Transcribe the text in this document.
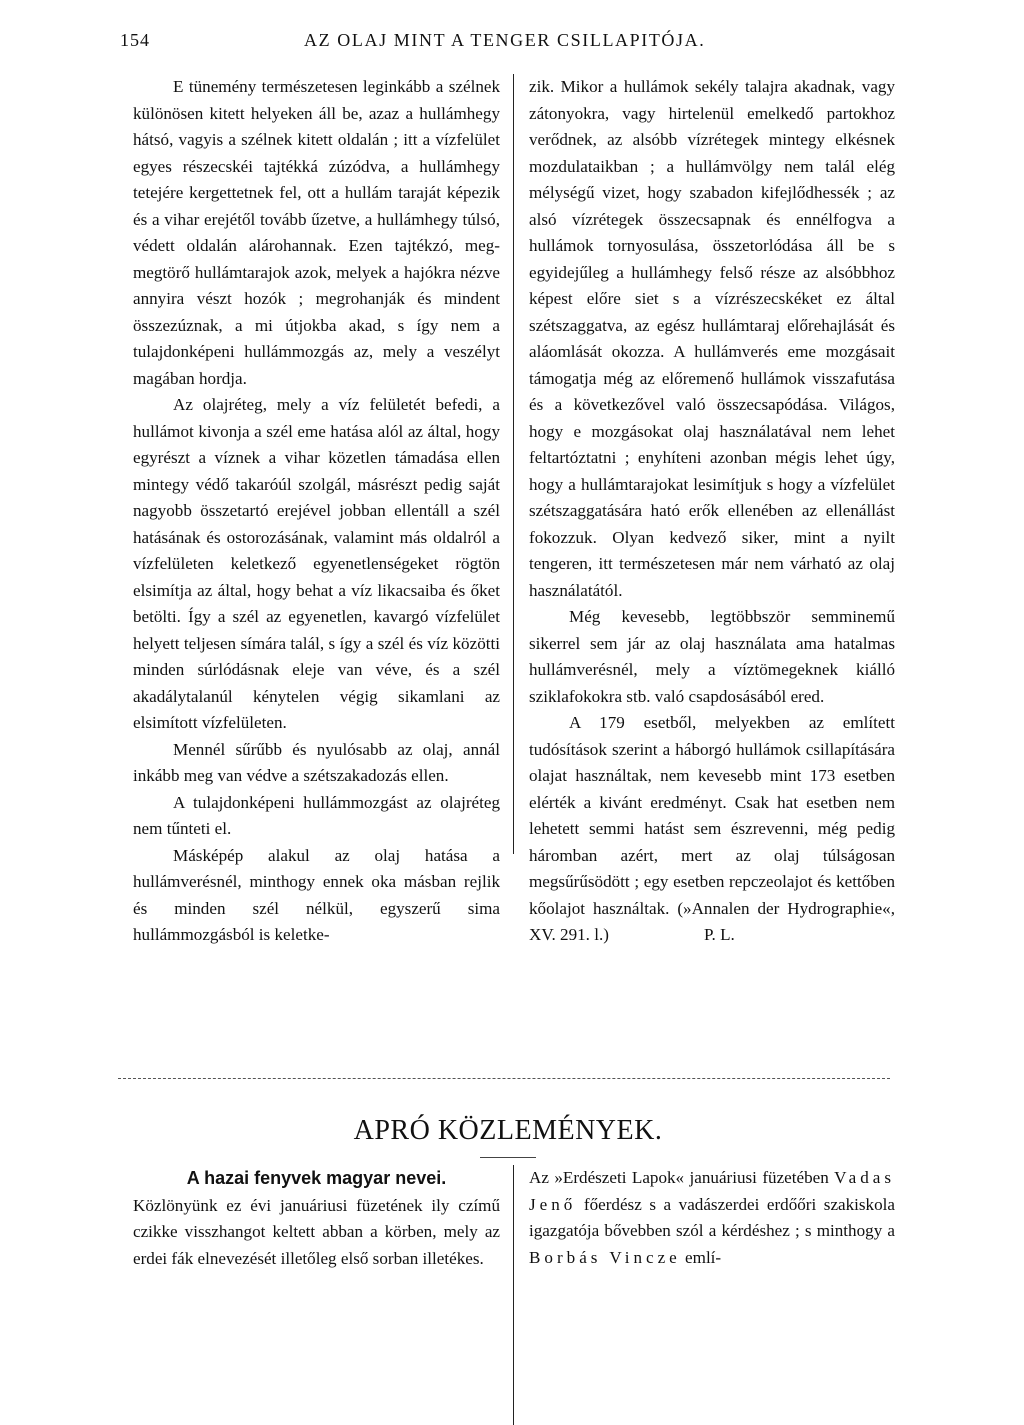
154	AZ OLAJ MINT A TENGER CSILLAPITÓJA.

E tünemény természetesen leginkább a szélnek különösen kitett helyeken áll be, azaz a hullámhegy hátsó, vagyis a szélnek kitett oldalán ; itt a vízfelület egyes részecskéi tajtékká zúzódva, a hullámhegy tetejére kergettetnek fel, ott a hullám taraját képezik és a vihar erejétől tovább űzetve, a hullámhegy túlsó, védett oldalán alárohannak. Ezen tajtékzó, meg-megtörő hullámtarajok azok, melyek a hajókra nézve annyira vészt hozók ; megrohanják és mindent összezúznak, a mi útjokba akad, s így nem a tulajdonképeni hullámmozgás az, mely a veszélyt magában hordja.

Az olajréteg, mely a víz felületét befedi, a hullámot kivonja a szél eme hatása alól az által, hogy egyrészt a víznek a vihar közetlen támadása ellen mintegy védő takaróúl szolgál, másrészt pedig saját nagyobb összetartó erejével jobban ellentáll a szél hatásának és ostorozásának, valamint más oldalról a vízfelületen keletkező egyenetlenségeket rögtön elsimítja az által, hogy behat a víz likacsaiba és őket betölti. Így a szél az egyenetlen, kavargó vízfelület helyett teljesen símára talál, s így a szél és víz közötti minden súrlódásnak eleje van véve, és a szél akadálytalanúl kénytelen végig sikamlani az elsimított vízfelületen.

Mennél sűrűbb és nyulósabb az olaj, annál inkább meg van védve a szétszakadozás ellen.

A tulajdonképeni hullámmozgást az olajréteg nem tűnteti el.

Másképép alakul az olaj hatása a hullámverésnél, minthogy ennek oka másban rejlik és minden szél nélkül, egyszerű sima hullámmozgásból is keletke-

zik. Mikor a hullámok sekély talajra akadnak, vagy zátonyokra, vagy hirtelenül emelkedő partokhoz verődnek, az alsóbb vízrétegek mintegy elkésnek mozdulataikban ; a hullámvölgy nem talál elég mélységű vizet, hogy szabadon kifejlődhessék ; az alsó vízrétegek összecsapnak és ennélfogva a hullámok tornyosulása, összetorlódása áll be s egyidejűleg a hullámhegy felső része az alsóbbhoz képest előre siet s a vízrészecskéket ez által szétszaggatva, az egész hullámtaraj előrehajlását és aláomlását okozza. A hullámverés eme mozgásait támogatja még az előremenő hullámok visszafutása és a következővel való összecsapódása. Világos, hogy e mozgásokat olaj használatával nem lehet feltartóztatni ; enyhíteni azonban mégis lehet úgy, hogy a hullámtarajokat lesimítjuk s hogy a vízfelület szétszaggatására ható erők ellenében az ellenállást fokozzuk. Olyan kedvező siker, mint a nyilt tengeren, itt természetesen már nem várható az olaj használatától.

Még kevesebb, legtöbbször semminemű sikerrel sem jár az olaj használata ama hatalmas hullámverésnél, mely a víztömegeknek kiálló sziklafokokra stb. való csapdosásából ered.

A 179 esetből, melyekben az említett tudósítások szerint a háborgó hullámok csillapítására olajat használtak, nem kevesebb mint 173 esetben elérték a kivánt eredményt. Csak hat esetben nem lehetett semmi hatást sem észrevenni, még pedig háromban azért, mert az olaj túlságosan megsűrűsödött ; egy esetben repczeolajot és kettőben kőolajot használtak. (»Annalen der Hydrographie«, XV. 291. l.)	P. L.

APRÓ KÖZLEMÉNYEK.

A hazai fenyvek magyar nevei.

Közlönyünk ez évi januáriusi füzetének ily czímű czikke visszhangot keltett abban a körben, mely az erdei fák elnevezését illetőleg első sorban illetékes.

Az »Erdészeti Lapok« januáriusi füzetében Vadas Jenő főerdész s a vadászerdei erdőőri szakiskola igazgatója bővebben szól a kérdéshez ; s minthogy a Borbás Vincze emlí-
